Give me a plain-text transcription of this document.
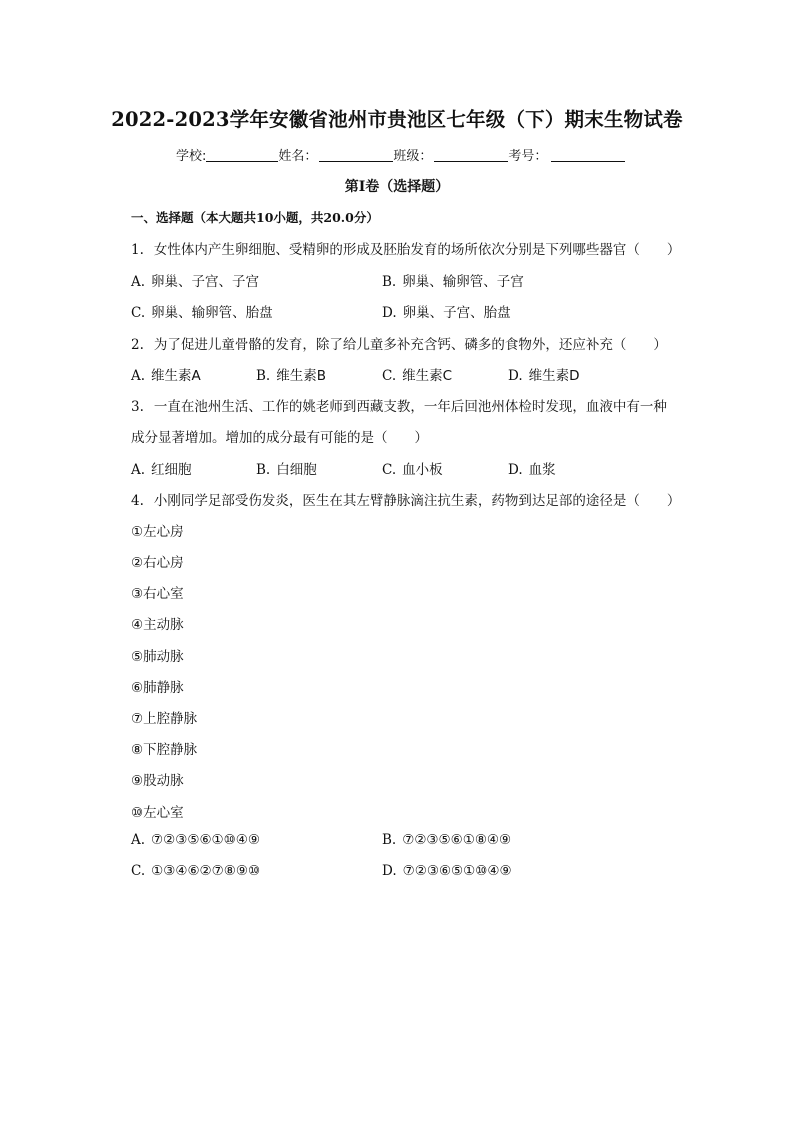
2022-2023学年安徽省池州市贵池区七年级（下）期末生物试卷
学校:	姓名：	班级：	考号：
第I卷（选择题）
一、选择题（本大题共10小题，共20.0分）
1. 女性体内产生卵细胞、受精卵的形成及胚胎发育的场所依次分别是下列哪些器官（　　）
A. 卵巢、子宫、子宫	B. 卵巢、输卵管、子宫
C. 卵巢、输卵管、胎盘	D. 卵巢、子宫、胎盘
2. 为了促进儿童骨骼的发育，除了给儿童多补充含钙、磷多的食物外，还应补充（　　）
A. 维生素A	B. 维生素B	C. 维生素C	D. 维生素D
3. 一直在池州生活、工作的姚老师到西藏支教，一年后回池州体检时发现，血液中有一种
成分显著增加。增加的成分最有可能的是（　　）
A. 红细胞	B. 白细胞	C. 血小板	D. 血浆
4. 小刚同学足部受伤发炎，医生在其左臂静脉滴注抗生素，药物到达足部的途径是（　　）
①左心房
②右心房
③右心室
④主动脉
⑤肺动脉
⑥肺静脉
⑦上腔静脉
⑧下腔静脉
⑨股动脉
⑩左心室
A. ⑦②③⑤⑥①⑩④⑨	B. ⑦②③⑤⑥①⑧④⑨
C. ①③④⑥②⑦⑧⑨⑩	D. ⑦②③⑥⑤①⑩④⑨
